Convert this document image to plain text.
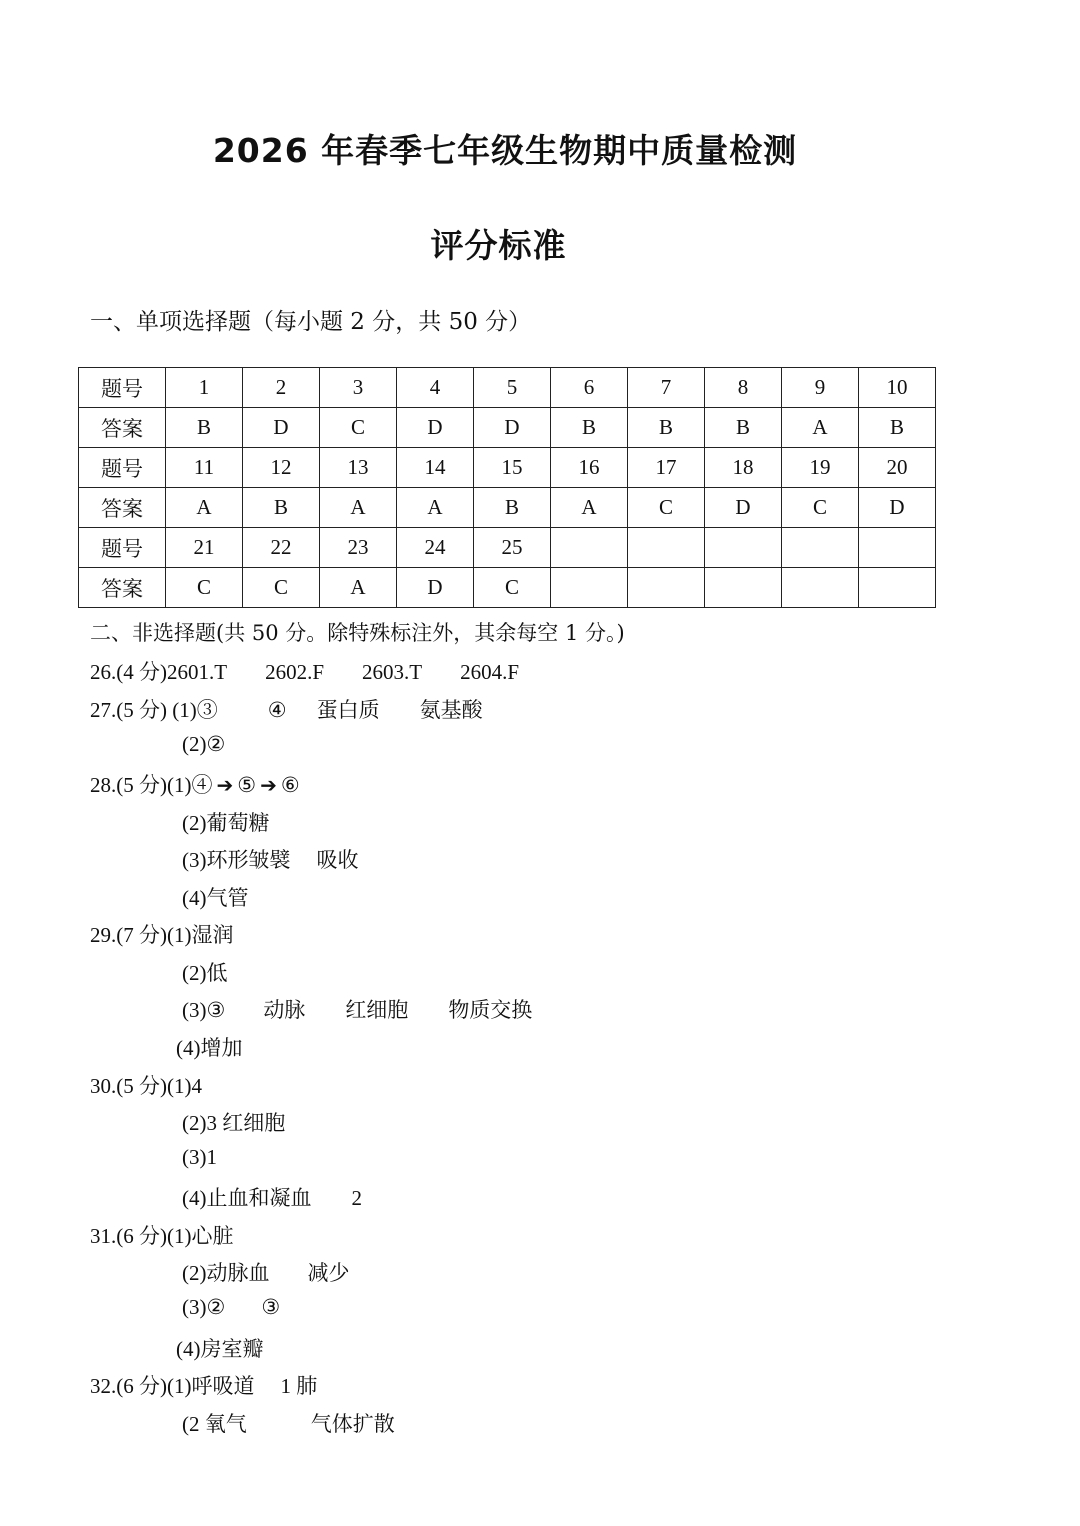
2026 年春季七年级生物期中质量检测
评分标准
一、单项选择题（每小题 2 分，共 50 分）
题号	1	2	3	4	5	6	7	8	9	10
答案	B	D	C	D	D	B	B	B	A	B
题号	11	12	13	14	15	16	17	18	19	20
答案	A	B	A	A	B	A	C	D	C	D
题号	21	22	23	24	25					
答案	C	C	A	D	C					
二、非选择题(共 50 分。除特殊标注外，其余每空 1 分。)
26.(4 分)2601.T 2602.F 2603.T 2604.F
27.(5 分) (1)③ ④ 蛋白质 氨基酸
(2)②
28.(5 分)(1)④ ➔ ⑤ ➔ ⑥
(2)葡萄糖
(3)环形皱襞 吸收
(4)气管
29.(7 分)(1)湿润
(2)低
(3)③ 动脉 红细胞 物质交换
(4)增加
30.(5 分)(1)4
(2)3 红细胞
(3)1
(4)止血和凝血 2
31.(6 分)(1)心脏
(2)动脉血 减少
(3)② ③
(4)房室瓣
32.(6 分)(1)呼吸道 1 肺
(2 氧气	气体扩散
